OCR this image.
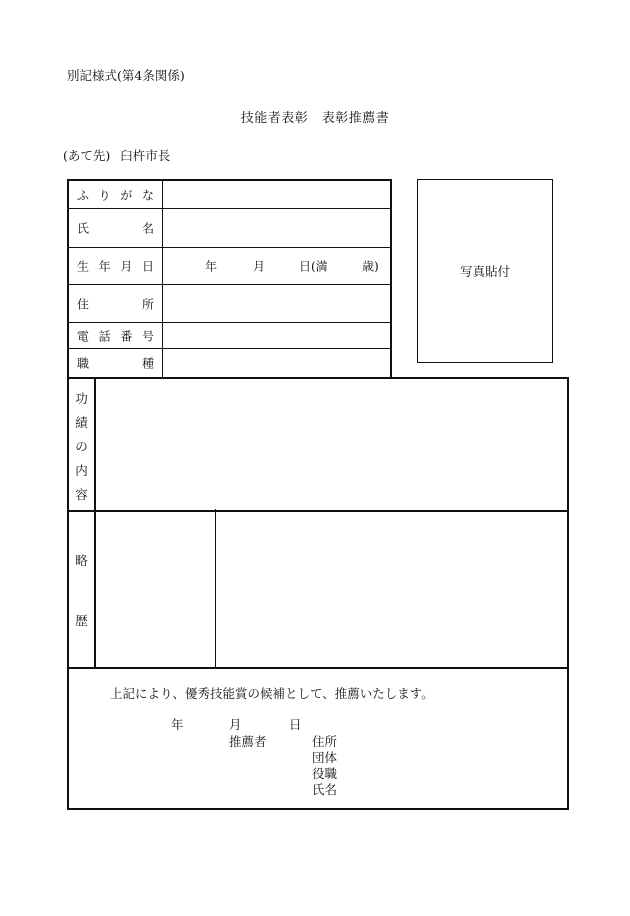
別記様式(第4条関係)
技能者表彰　表彰推薦書
(あて先) 臼杵市長
ふ り が な
氏	名
生 年 月 日	年	月	日(満	歳)
住	所
電 話 番 号
職	種
写真貼付
功
績
の
内
容
略
歴
上記により、優秀技能賞の候補として、推薦いたします。
年	月	日
推薦者	住所
団体
役職
氏名
